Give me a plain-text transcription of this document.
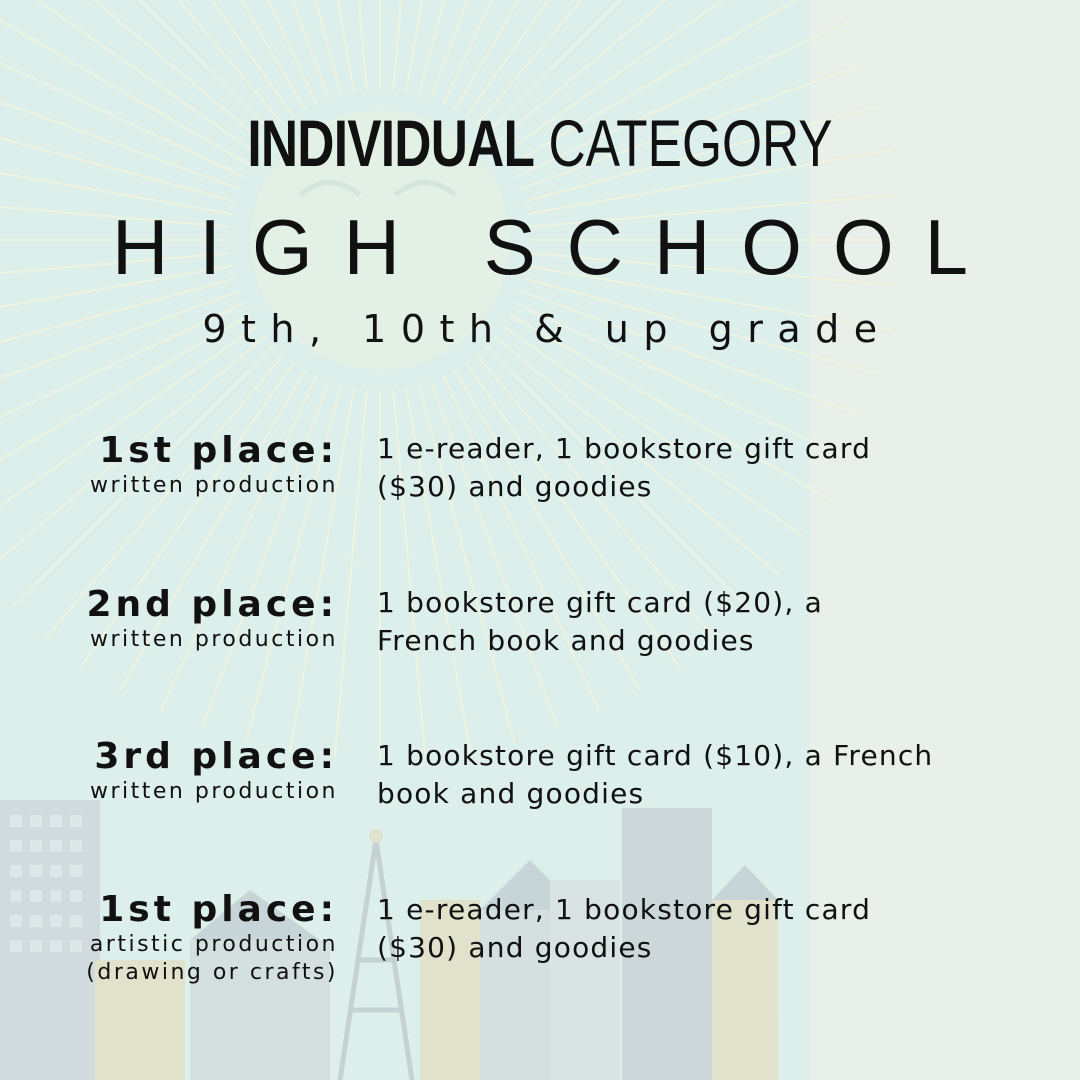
INDIVIDUAL CATEGORY
HIGH SCHOOL
9th, 10th & up grade
1st place:
written production
1 e-reader, 1 bookstore gift card
($30) and goodies
2nd place:
written production
1 bookstore gift card ($20), a
French book and goodies
3rd place:
written production
1 bookstore gift card ($10), a French
book and goodies
1st place:
artistic production
(drawing or crafts)
1 e-reader, 1 bookstore gift card
($30) and goodies
